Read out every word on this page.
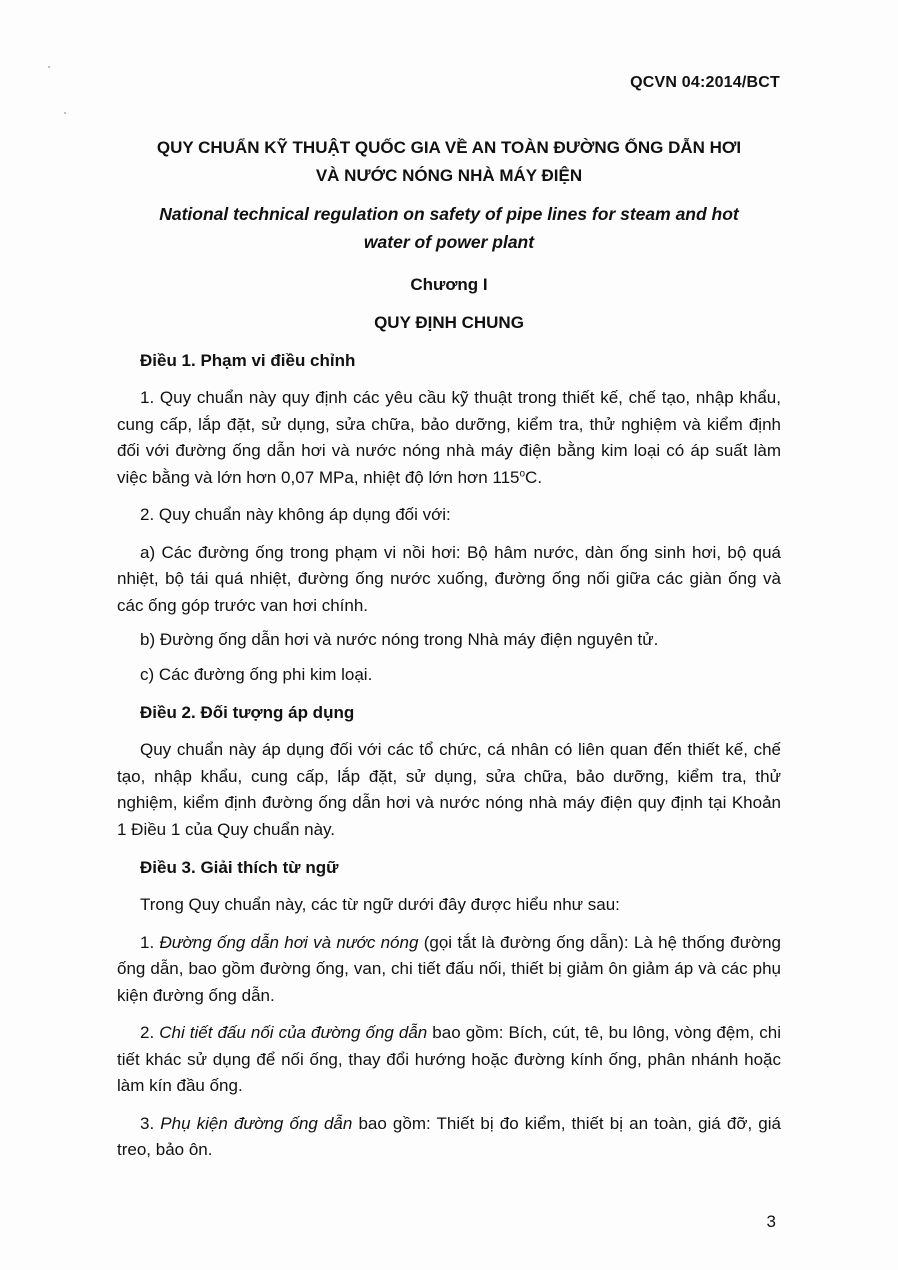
QCVN 04:2014/BCT

QUY CHUẨN KỸ THUẬT QUỐC GIA VỀ AN TOÀN ĐƯỜNG ỐNG DẪN HƠI
VÀ NƯỚC NÓNG NHÀ MÁY ĐIỆN

National technical regulation on safety of pipe lines for steam and hot
water of power plant

Chương I
QUY ĐỊNH CHUNG
Điều 1. Phạm vi điều chỉnh

1. Quy chuẩn này quy định các yêu cầu kỹ thuật trong thiết kế, chế tạo, nhập khẩu, cung cấp, lắp đặt, sử dụng, sửa chữa, bảo dưỡng, kiểm tra, thử nghiệm và kiểm định đối với đường ống dẫn hơi và nước nóng nhà máy điện bằng kim loại có áp suất làm việc bằng và lớn hơn 0,07 MPa, nhiệt độ lớn hơn 115$^o$C.

2. Quy chuẩn này không áp dụng đối với:

a) Các đường ống trong phạm vi nồi hơi: Bộ hâm nước, dàn ống sinh hơi, bộ quá nhiệt, bộ tái quá nhiệt, đường ống nước xuống, đường ống nối giữa các giàn ống và các ống góp trước van hơi chính.

b) Đường ống dẫn hơi và nước nóng trong Nhà máy điện nguyên tử.

c) Các đường ống phi kim loại.

Điều 2. Đối tượng áp dụng

Quy chuẩn này áp dụng đối với các tổ chức, cá nhân có liên quan đến thiết kế, chế tạo, nhập khẩu, cung cấp, lắp đặt, sử dụng, sửa chữa, bảo dưỡng, kiểm tra, thử nghiệm, kiểm định đường ống dẫn hơi và nước nóng nhà máy điện quy định tại Khoản 1 Điều 1 của Quy chuẩn này.

Điều 3. Giải thích từ ngữ

Trong Quy chuẩn này, các từ ngữ dưới đây được hiểu như sau:

1. Đường ống dẫn hơi và nước nóng (gọi tắt là đường ống dẫn): Là hệ thống đường ống dẫn, bao gồm đường ống, van, chi tiết đấu nối, thiết bị giảm ôn giảm áp và các phụ kiện đường ống dẫn.

2. Chi tiết đấu nối của đường ống dẫn bao gồm: Bích, cút, tê, bu lông, vòng đệm, chi tiết khác sử dụng để nối ống, thay đổi hướng hoặc đường kính ống, phân nhánh hoặc làm kín đầu ống.

3. Phụ kiện đường ống dẫn bao gồm: Thiết bị đo kiểm, thiết bị an toàn, giá đỡ, giá treo, bảo ôn.

3
